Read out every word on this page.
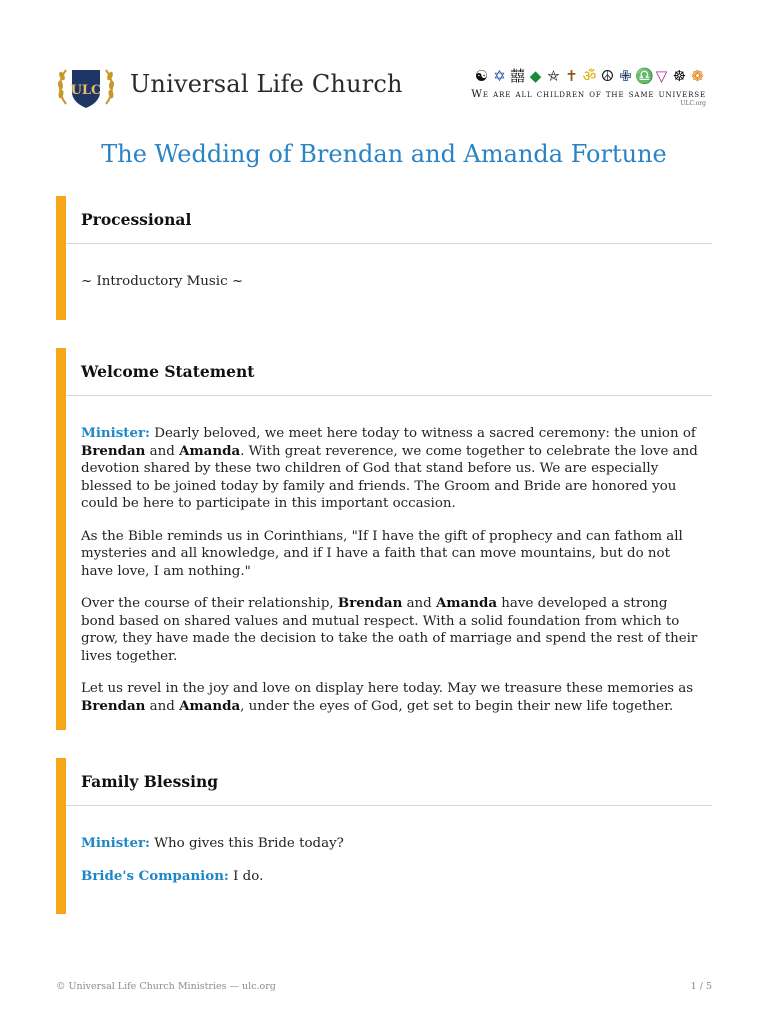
ULC Universal Life Church	☯ ✡ 囍 ◆ ⛤ ✝ ॐ ☮ ✙ ♎ ▽ ☸ ❁
We are all children of the same universe
ULC.org
The Wedding of Brendan and Amanda Fortune
Processional

~ Introductory Music ~

Welcome Statement

Minister: Dearly beloved, we meet here today to witness a sacred ceremony: the union of Brendan and Amanda. With great reverence, we come together to celebrate the love and devotion shared by these two children of God that stand before us. We are especially blessed to be joined today by family and friends. The Groom and Bride are honored you could be here to participate in this important occasion.

As the Bible reminds us in Corinthians, "If I have the gift of prophecy and can fathom all mysteries and all knowledge, and if I have a faith that can move mountains, but do not have love, I am nothing."

Over the course of their relationship, Brendan and Amanda have developed a strong bond based on shared values and mutual respect. With a solid foundation from which to grow, they have made the decision to take the oath of marriage and spend the rest of their lives together.

Let us revel in the joy and love on display here today. May we treasure these memories as Brendan and Amanda, under the eyes of God, get set to begin their new life together.

Family Blessing

Minister: Who gives this Bride today?

Bride's Companion: I do.

© Universal Life Church Ministries — ulc.org	1 / 5
